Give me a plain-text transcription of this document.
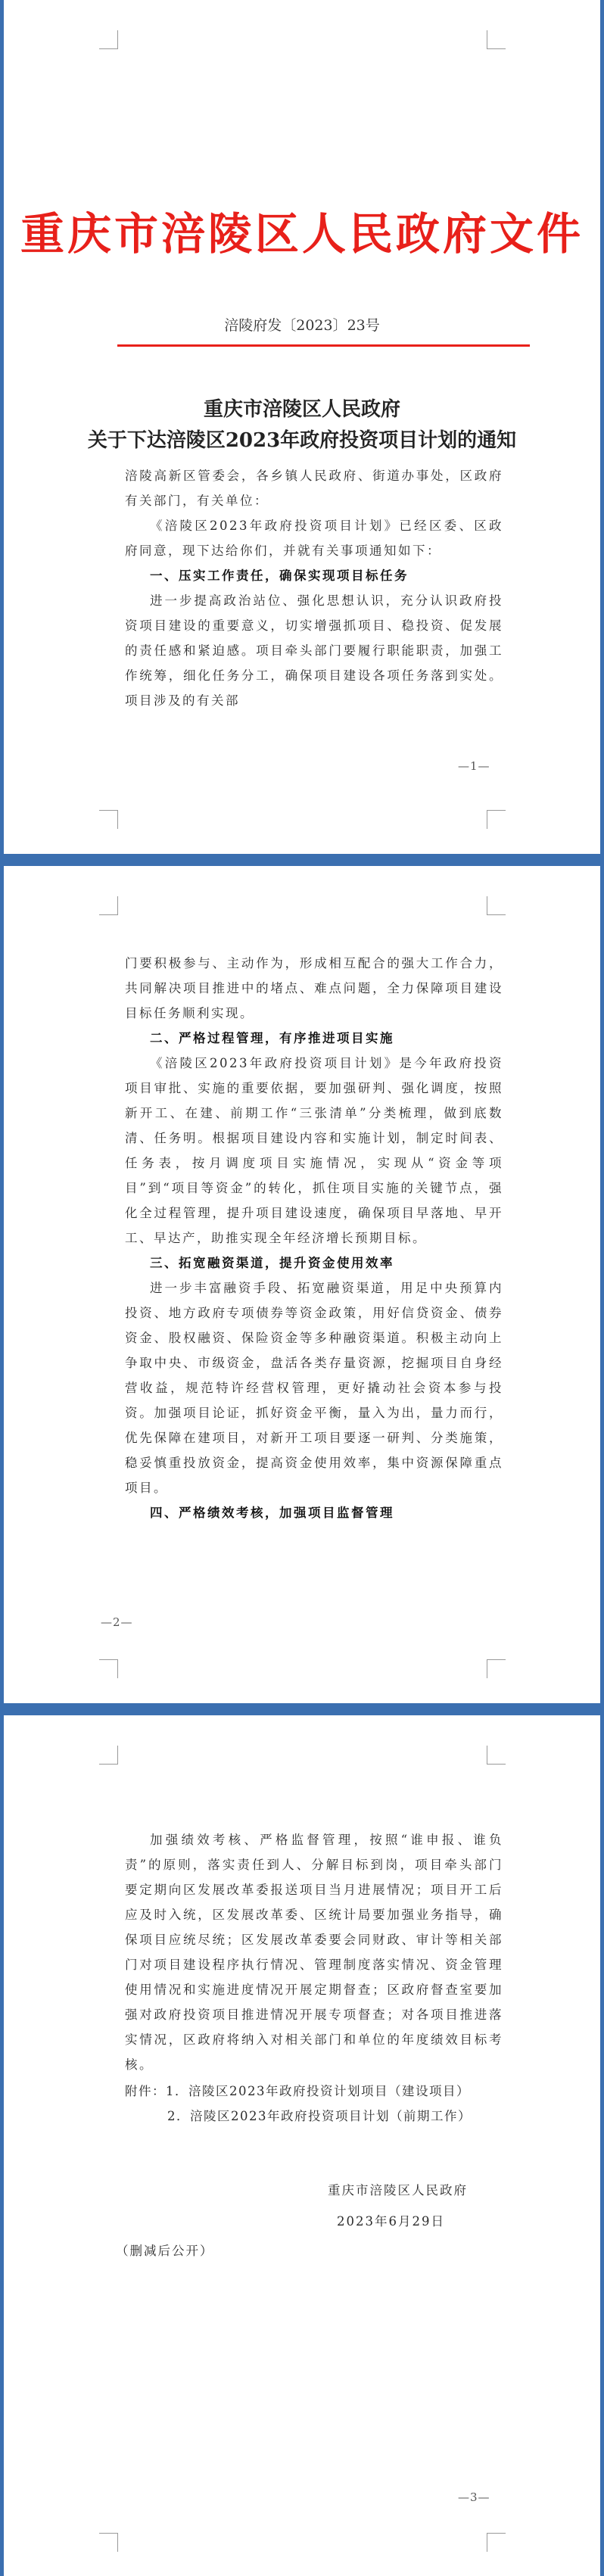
重庆市涪陵区人民政府文件
涪陵府发〔2023〕23号
重庆市涪陵区人民政府
关于下达涪陵区2023年政府投资项目计划的通知

涪陵高新区管委会，各乡镇人民政府、街道办事处，区政府有关部门，有关单位：

《涪陵区2023年政府投资项目计划》已经区委、区政府同意，现下达给你们，并就有关事项通知如下：

一、压实工作责任，确保实现项目标任务

进一步提高政治站位、强化思想认识，充分认识政府投资项目建设的重要意义，切实增强抓项目、稳投资、促发展的责任感和紧迫感。项目牵头部门要履行职能职责，加强工作统筹，细化任务分工，确保项目建设各项任务落到实处。项目涉及的有关部

—1—

门要积极参与、主动作为，形成相互配合的强大工作合力，共同解决项目推进中的堵点、难点问题，全力保障项目建设目标任务顺利实现。

二、严格过程管理，有序推进项目实施

《涪陵区2023年政府投资项目计划》是今年政府投资项目审批、实施的重要依据，要加强研判、强化调度，按照新开工、在建、前期工作“三张清单”分类梳理，做到底数清、任务明。根据项目建设内容和实施计划，制定时间表、任务表，按月调度项目实施情况，实现从“资金等项目”到“项目等资金”的转化，抓住项目实施的关键节点，强化全过程管理，提升项目建设速度，确保项目早落地、早开工、早达产，助推实现全年经济增长预期目标。

三、拓宽融资渠道，提升资金使用效率

进一步丰富融资手段、拓宽融资渠道，用足中央预算内投资、地方政府专项债券等资金政策，用好信贷资金、债券资金、股权融资、保险资金等多种融资渠道。积极主动向上争取中央、市级资金，盘活各类存量资源，挖掘项目自身经营收益，规范特许经营权管理，更好撬动社会资本参与投资。加强项目论证，抓好资金平衡，量入为出，量力而行，优先保障在建项目，对新开工项目要逐一研判、分类施策，稳妥慎重投放资金，提高资金使用效率，集中资源保障重点项目。

四、严格绩效考核，加强项目监督管理

—2—

加强绩效考核、严格监督管理，按照“谁申报、谁负责”的原则，落实责任到人、分解目标到岗，项目牵头部门要定期向区发展改革委报送项目当月进展情况；项目开工后应及时入统，区发展改革委、区统计局要加强业务指导，确保项目应统尽统；区发展改革委要会同财政、审计等相关部门对项目建设程序执行情况、管理制度落实情况、资金管理使用情况和实施进度情况开展定期督查；区政府督查室要加强对政府投资项目推进情况开展专项督查；对各项目推进落实情况，区政府将纳入对相关部门和单位的年度绩效目标考核。

附件：1．涪陵区2023年政府投资计划项目（建设项目）
2．涪陵区2023年政府投资项目计划（前期工作）
重庆市涪陵区人民政府
2023年6月29日
（删减后公开）
—3—
